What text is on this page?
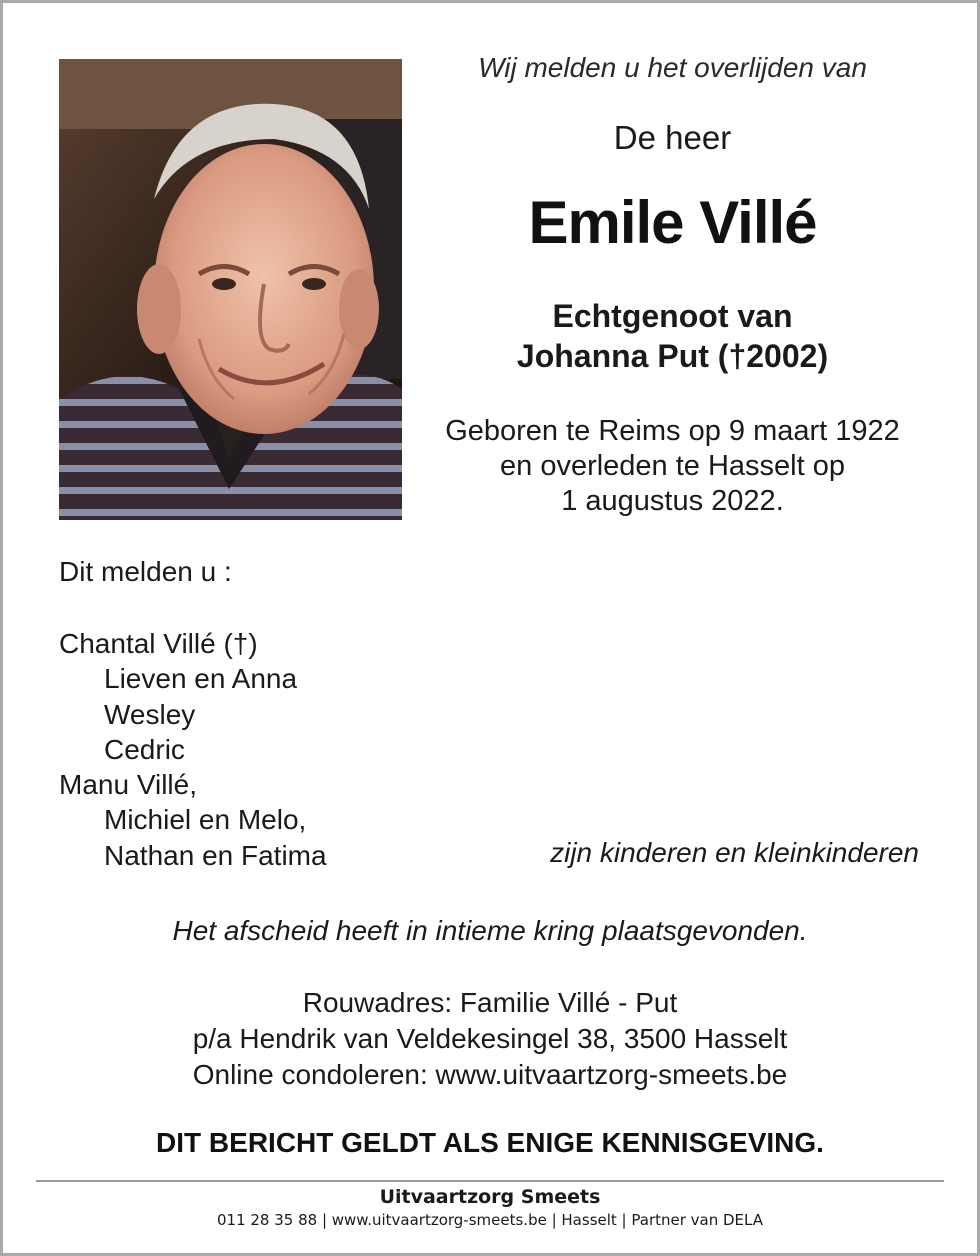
Wij melden u het overlijden van
De heer
Emile Villé
Echtgenoot van
Johanna Put (†2002)
Geboren te Reims op 9 maart 1922
en overleden te Hasselt op
1 augustus 2022.
Dit melden u :
Chantal Villé (†)
Lieven en Anna
Wesley
Cedric
Manu Villé,
Michiel en Melo,
Nathan en Fatima	zijn kinderen en kleinkinderen
Het afscheid heeft in intieme kring plaatsgevonden.
Rouwadres: Familie Villé - Put
p/a Hendrik van Veldekesingel 38, 3500 Hasselt
Online condoleren: www.uitvaartzorg-smeets.be
DIT BERICHT GELDT ALS ENIGE KENNISGEVING.
Uitvaartzorg Smeets
011 28 35 88 | www.uitvaartzorg-smeets.be | Hasselt | Partner van DELA
